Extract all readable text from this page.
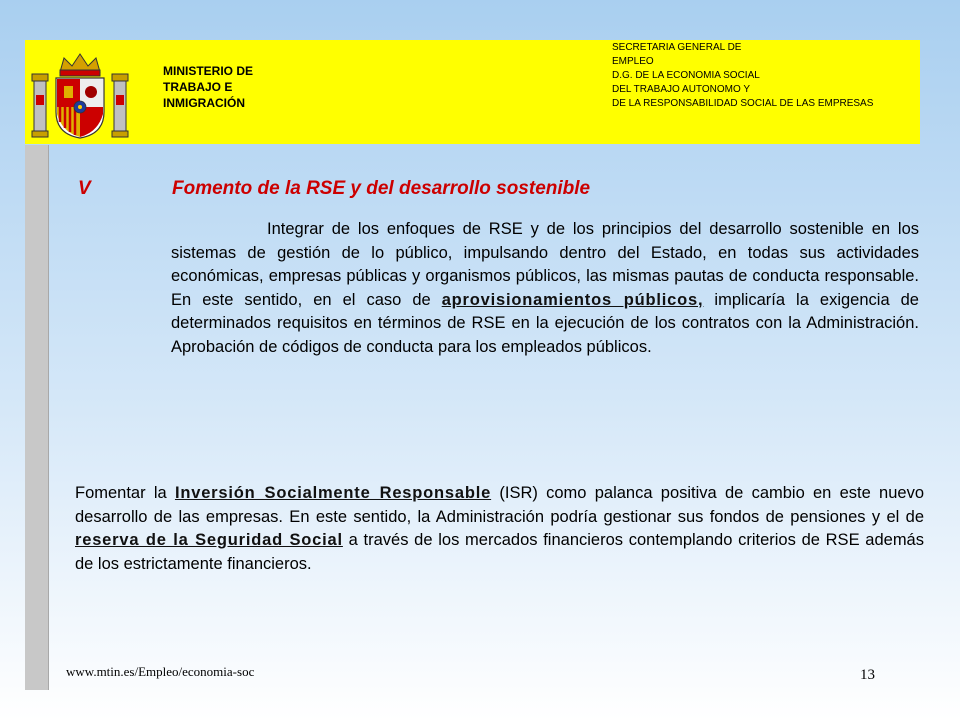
MINISTERIO DE
TRABAJO E
INMIGRACIÓN
SECRETARIA GENERAL DE
EMPLEO
D.G. DE LA ECONOMIA SOCIAL
DEL TRABAJO AUTONOMO Y
DE LA RESPONSABILIDAD SOCIAL DE LAS EMPRESAS
V	Fomento de la RSE y del desarrollo sostenible
Integrar de los enfoques de RSE y de los principios del desarrollo sostenible en los sistemas de gestión de lo público, impulsando dentro del Estado, en todas sus actividades económicas, empresas públicas y organismos públicos, las mismas pautas de conducta responsable. En este sentido, en el caso de aprovisionamientos públicos, implicaría la exigencia de determinados requisitos en términos de RSE en la ejecución de los contratos con la Administración. Aprobación de códigos de conducta para los empleados públicos.
Fomentar la Inversión Socialmente Responsable (ISR) como palanca positiva de cambio en este nuevo desarrollo de las empresas. En este sentido, la Administración podría gestionar sus fondos de pensiones y el de reserva de la Seguridad Social a través de los mercados financieros contemplando criterios de RSE además de los estrictamente financieros.
www.mtin.es/Empleo/economia-soc	13
